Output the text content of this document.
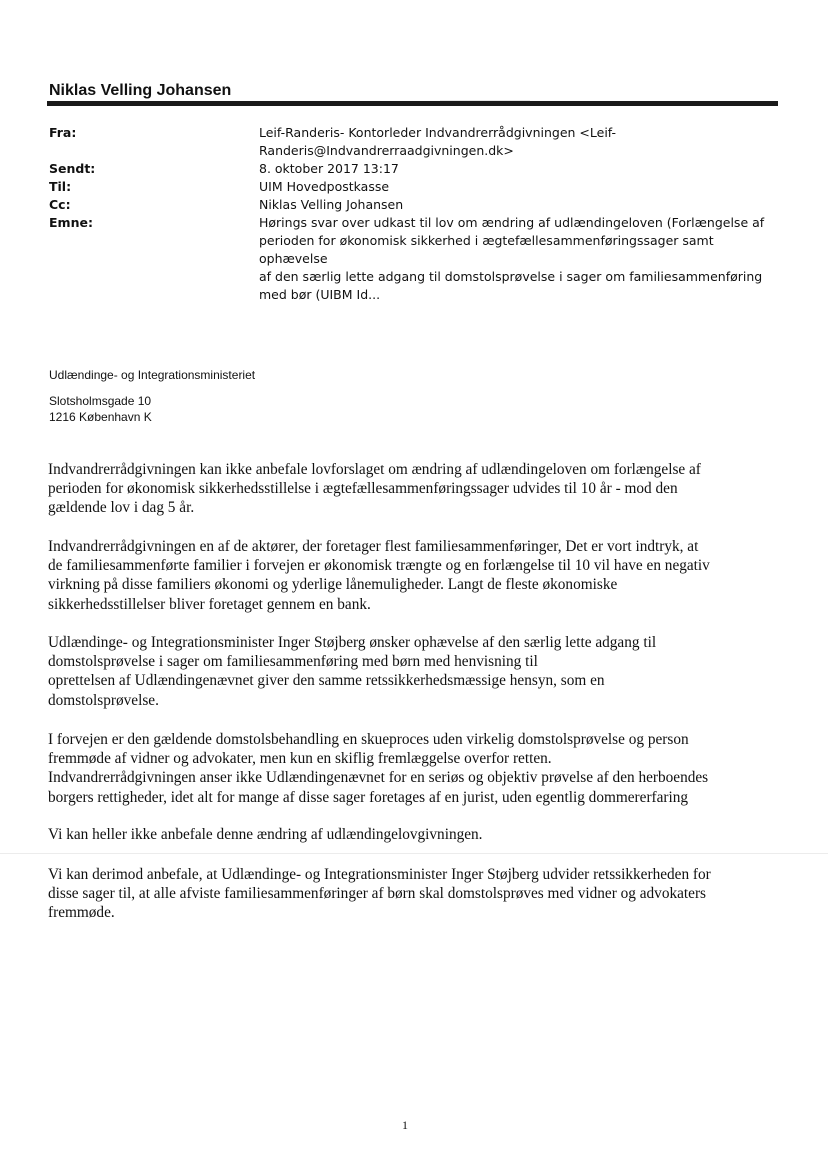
Niklas Velling Johansen
Fra:	Leif-Randeris- Kontorleder Indvandrerrådgivningen <Leif-
Randeris@Indvandrerraadgivningen.dk>
Sendt:	8. oktober 2017 13:17
Til:	UIM Hovedpostkasse
Cc:	Niklas Velling Johansen
Emne:	Hørings svar over udkast til lov om ændring af udlændingeloven (Forlængelse af
perioden for økonomisk sikkerhed i ægtefællesammenføringssager samt ophævelse
af den særlig lette adgang til domstolsprøvelse i sager om familiesammenføring
med bør (UIBM Id...
Udlændinge- og Integrationsministeriet
Slotsholmsgade 10
1216 København K
Indvandrerrådgivningen kan ikke anbefale lovforslaget om ændring af udlændingeloven om forlængelse af
perioden for økonomisk sikkerhedsstillelse i ægtefællesammenføringssager udvides til 10 år - mod den
gældende lov i dag 5 år.
Indvandrerrådgivningen en af de aktører, der foretager flest familiesammenføringer, Det er vort indtryk, at
de familiesammenførte familier i forvejen er økonomisk trængte og en forlængelse til 10 vil have en negativ
virkning på disse familiers økonomi og yderlige lånemuligheder. Langt de fleste økonomiske
sikkerhedsstillelser bliver foretaget gennem en bank.
Udlændinge- og Integrationsminister Inger Støjberg ønsker ophævelse af den særlig lette adgang til
domstolsprøvelse i sager om familiesammenføring med børn med henvisning til
oprettelsen af Udlændingenævnet giver den samme retssikkerhedsmæssige hensyn, som en
domstolsprøvelse.
I forvejen er den gældende domstolsbehandling en skueproces uden virkelig domstolsprøvelse og person
fremmøde af vidner og advokater, men kun en skiflig fremlæggelse overfor retten.
Indvandrerrådgivningen anser ikke Udlændingenævnet for en seriøs og objektiv prøvelse af den herboendes
borgers rettigheder, idet alt for mange af disse sager foretages af en jurist, uden egentlig dommererfaring
Vi kan heller ikke anbefale denne ændring af udlændingelovgivningen.
Vi kan derimod anbefale, at Udlændinge- og Integrationsminister Inger Støjberg udvider retssikkerheden for
disse sager til, at alle afviste familiesammenføringer af børn skal domstolsprøves med vidner og advokaters
fremmøde.
1
